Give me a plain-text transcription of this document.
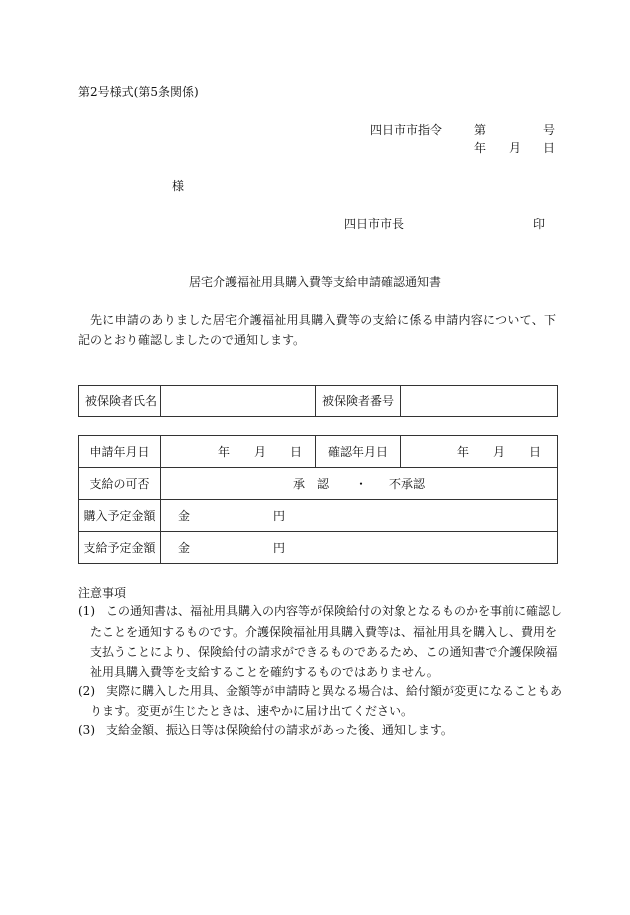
第2号様式(第5条関係)
四日市市指令	第	号
年 月 日
様
四日市市長	印
居宅介護福祉用具購入費等支給申請確認通知書
先に申請のありました居宅介護福祉用具購入費等の支給に係る申請内容について、下記のとおり確認しましたので通知します。
被保険者氏名		被保険者番号	
申請年月日	年 月 日	確認年月日	年 月 日

支給の可否	承　認 ・ 不承認		
購入予定金額	金 円		

支給予定金額	金 円		
注意事項
(1) この通知書は、福祉用具購入の内容等が保険給付の対象となるものかを事前に確認し
たことを通知するものです。介護保険福祉用具購入費等は、福祉用具を購入し、費用を
支払うことにより、保険給付の請求ができるものであるため、この通知書で介護保険福
祉用具購入費等を支給することを確約するものではありません。
(2) 実際に購入した用具、金額等が申請時と異なる場合は、給付額が変更になることもあ
ります。変更が生じたときは、速やかに届け出てください。
(3) 支給金額、振込日等は保険給付の請求があった後、通知します。
